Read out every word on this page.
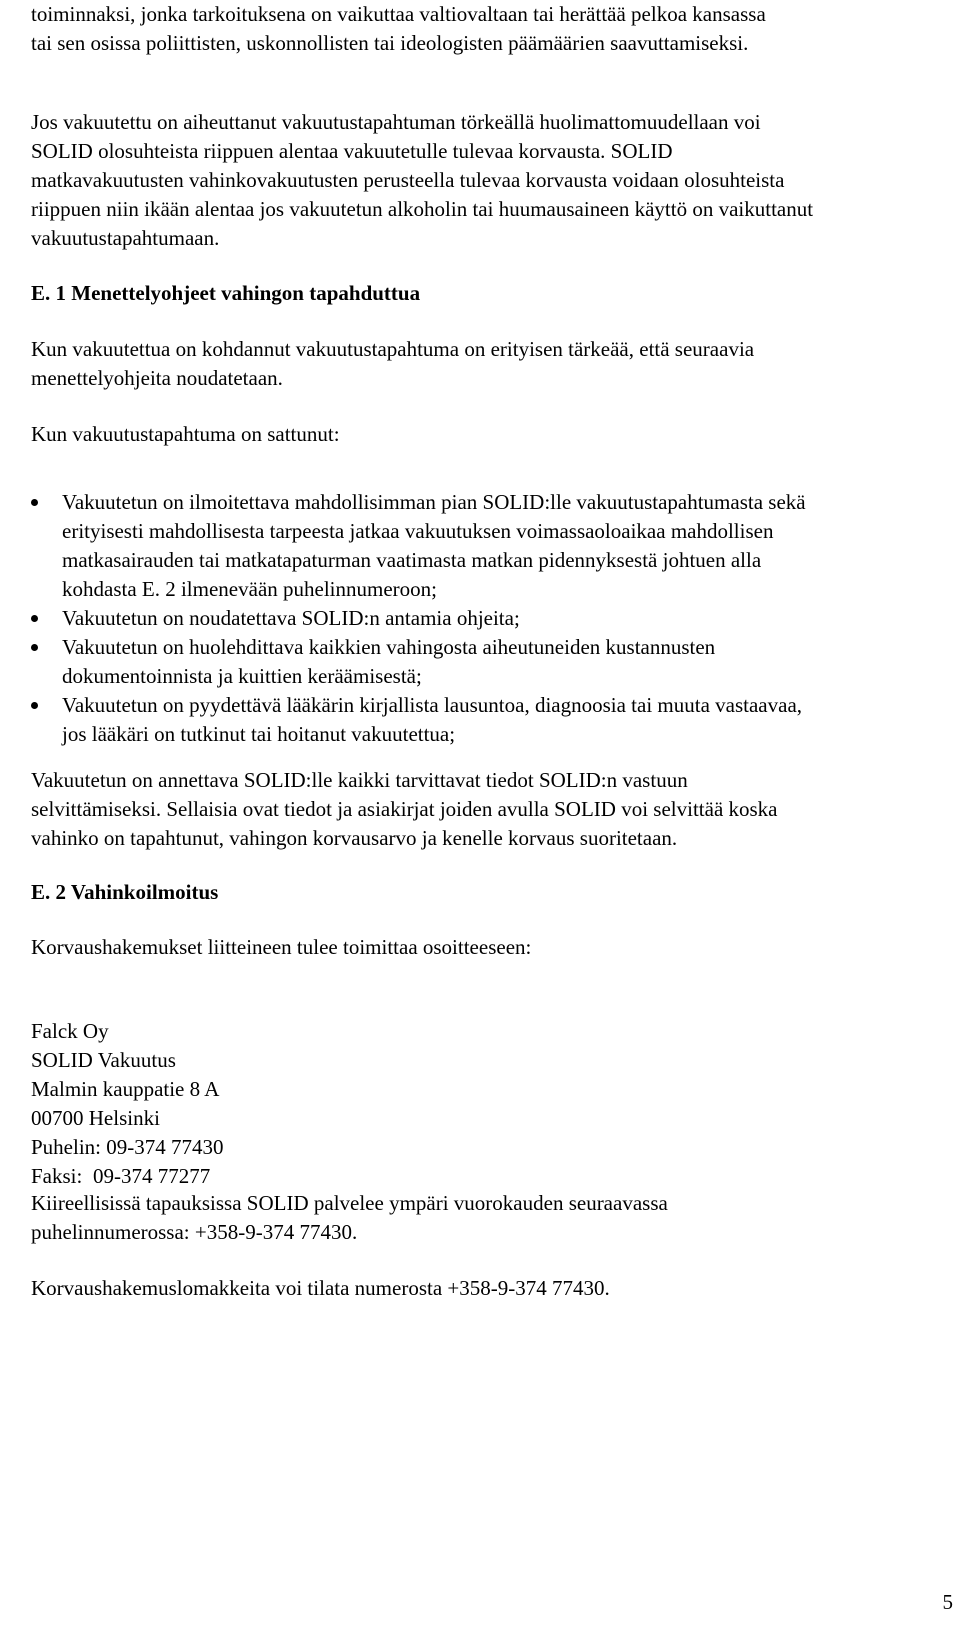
toiminnaksi, jonka tarkoituksena on vaikuttaa valtiovaltaan tai herättää pelkoa kansassa
tai sen osissa poliittisten, uskonnollisten tai ideologisten päämäärien saavuttamiseksi.

Jos vakuutettu on aiheuttanut vakuutustapahtuman törkeällä huolimattomuudellaan voi
SOLID olosuhteista riippuen alentaa vakuutetulle tulevaa korvausta. SOLID
matkavakuutusten vahinkovakuutusten perusteella tulevaa korvausta voidaan olosuhteista
riippuen niin ikään alentaa jos vakuutetun alkoholin tai huumausaineen käyttö on vaikuttanut
vakuutustapahtumaan.

E. 1 Menettelyohjeet vahingon tapahduttua

Kun vakuutettua on kohdannut vakuutustapahtuma on erityisen tärkeää, että seuraavia
menettelyohjeita noudatetaan.

Kun vakuutustapahtuma on sattunut:

Vakuutetun on ilmoitettava mahdollisimman pian SOLID:lle vakuutustapahtumasta sekä
erityisesti mahdollisesta tarpeesta jatkaa vakuutuksen voimassaoloaikaa mahdollisen
matkasairauden tai matkatapaturman vaatimasta matkan pidennyksestä johtuen alla
kohdasta E. 2 ilmenevään puhelinnumeroon;
Vakuutetun on noudatettava SOLID:n antamia ohjeita;
Vakuutetun on huolehdittava kaikkien vahingosta aiheutuneiden kustannusten
dokumentoinnista ja kuittien keräämisestä;
Vakuutetun on pyydettävä lääkärin kirjallista lausuntoa, diagnoosia tai muuta vastaavaa,
jos lääkäri on tutkinut tai hoitanut vakuutettua;

Vakuutetun on annettava SOLID:lle kaikki tarvittavat tiedot SOLID:n vastuun
selvittämiseksi. Sellaisia ovat tiedot ja asiakirjat joiden avulla SOLID voi selvittää koska
vahinko on tapahtunut, vahingon korvausarvo ja kenelle korvaus suoritetaan.

E. 2 Vahinkoilmoitus

Korvaushakemukset liitteineen tulee toimittaa osoitteeseen:

Falck Oy
SOLID Vakuutus
Malmin kauppatie 8 A
00700 Helsinki
Puhelin: 09-374 77430
Faksi: 09-374 77277

Kiireellisissä tapauksissa SOLID palvelee ympäri vuorokauden seuraavassa
puhelinnumerossa: +358-9-374 77430.

Korvaushakemuslomakkeita voi tilata numerosta +358-9-374 77430.

5
